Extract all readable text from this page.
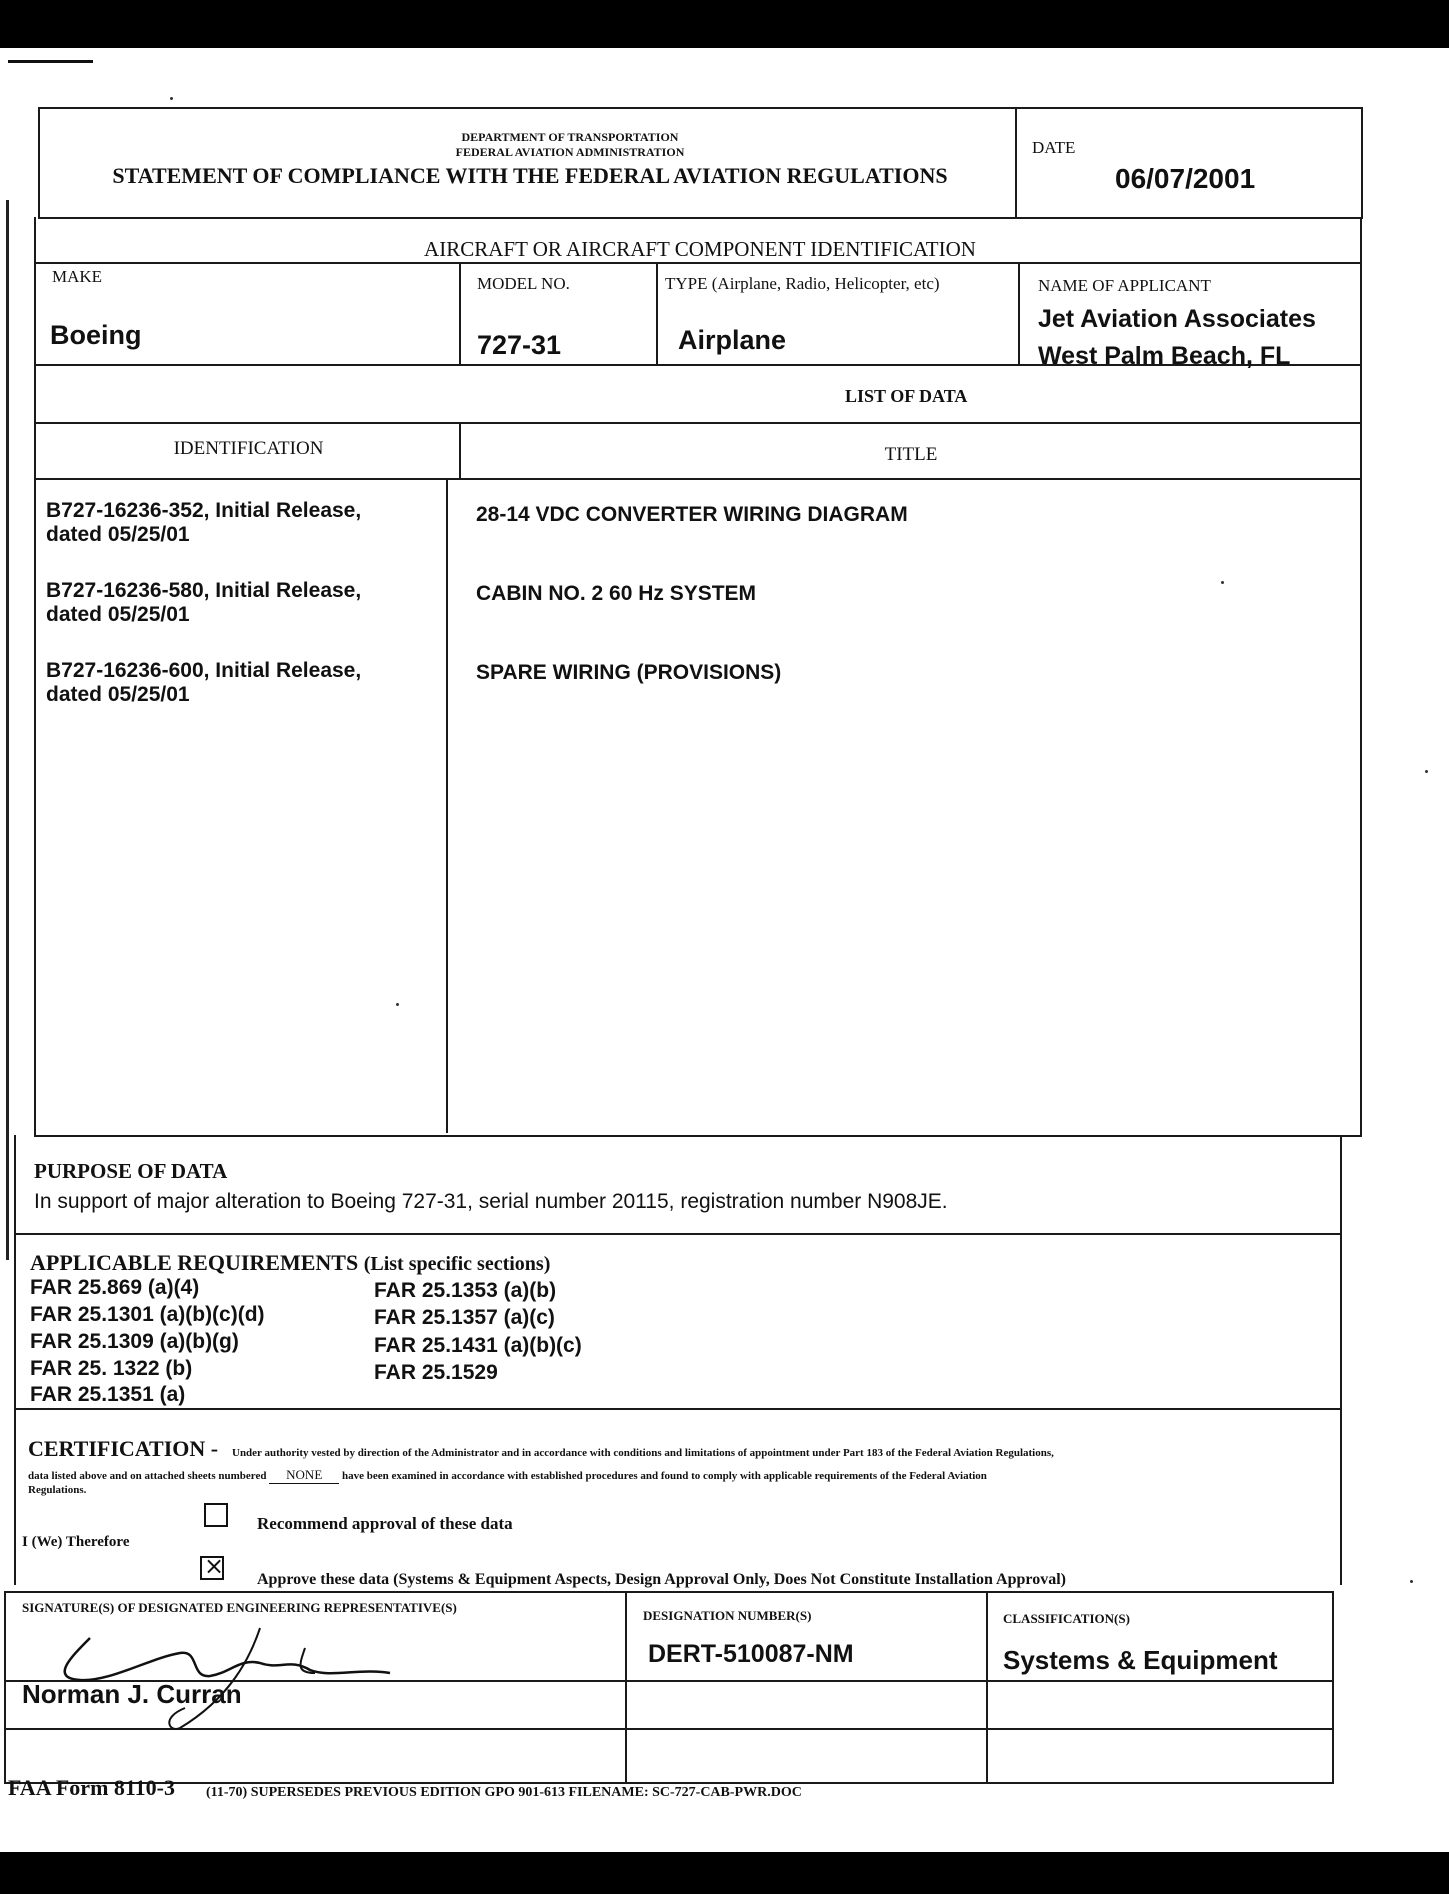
DEPARTMENT OF TRANSPORTATION
FEDERAL AVIATION ADMINISTRATION
STATEMENT OF COMPLIANCE WITH THE FEDERAL AVIATION REGULATIONS
DATE
06/07/2001
AIRCRAFT OR AIRCRAFT COMPONENT IDENTIFICATION
MAKE
Boeing
MODEL NO.
727-31
TYPE (Airplane, Radio, Helicopter, etc)
Airplane
NAME OF APPLICANT
Jet Aviation Associates
West Palm Beach, FL
LIST OF DATA
IDENTIFICATION	TITLE
B727-16236-352, Initial Release,
dated 05/25/01
28-14 VDC CONVERTER WIRING DIAGRAM
B727-16236-580, Initial Release,
dated 05/25/01
CABIN NO. 2 60 Hz SYSTEM
B727-16236-600, Initial Release,
dated 05/25/01
SPARE WIRING (PROVISIONS)
PURPOSE OF DATA
In support of major alteration to Boeing 727-31, serial number 20115, registration number N908JE.
APPLICABLE REQUIREMENTS (List specific sections)
FAR 25.869 (a)(4)
FAR 25.1301 (a)(b)(c)(d)
FAR 25.1309 (a)(b)(g)
FAR 25. 1322 (b)
FAR 25.1351 (a)
FAR 25.1353 (a)(b)
FAR 25.1357 (a)(c)
FAR 25.1431 (a)(b)(c)
FAR 25.1529
CERTIFICATION - Under authority vested by direction of the Administrator and in accordance with conditions and limitations of appointment under Part 183 of the Federal Aviation Regulations,
data listed above and on attached sheets numbered NONE have been examined in accordance with established procedures and found to comply with applicable requirements of the Federal Aviation
Regulations.
Recommend approval of these data
I (We) Therefore
×
Approve these data (Systems & Equipment Aspects, Design Approval Only, Does Not Constitute Installation Approval)
SIGNATURE(S) OF DESIGNATED ENGINEERING REPRESENTATIVE(S)
Norman J. Curran
DESIGNATION NUMBER(S)
DERT-510087-NM
CLASSIFICATION(S)
Systems & Equipment
FAA Form 8110-3 (11-70) SUPERSEDES PREVIOUS EDITION GPO 901-613 FILENAME: SC-727-CAB-PWR.DOC
